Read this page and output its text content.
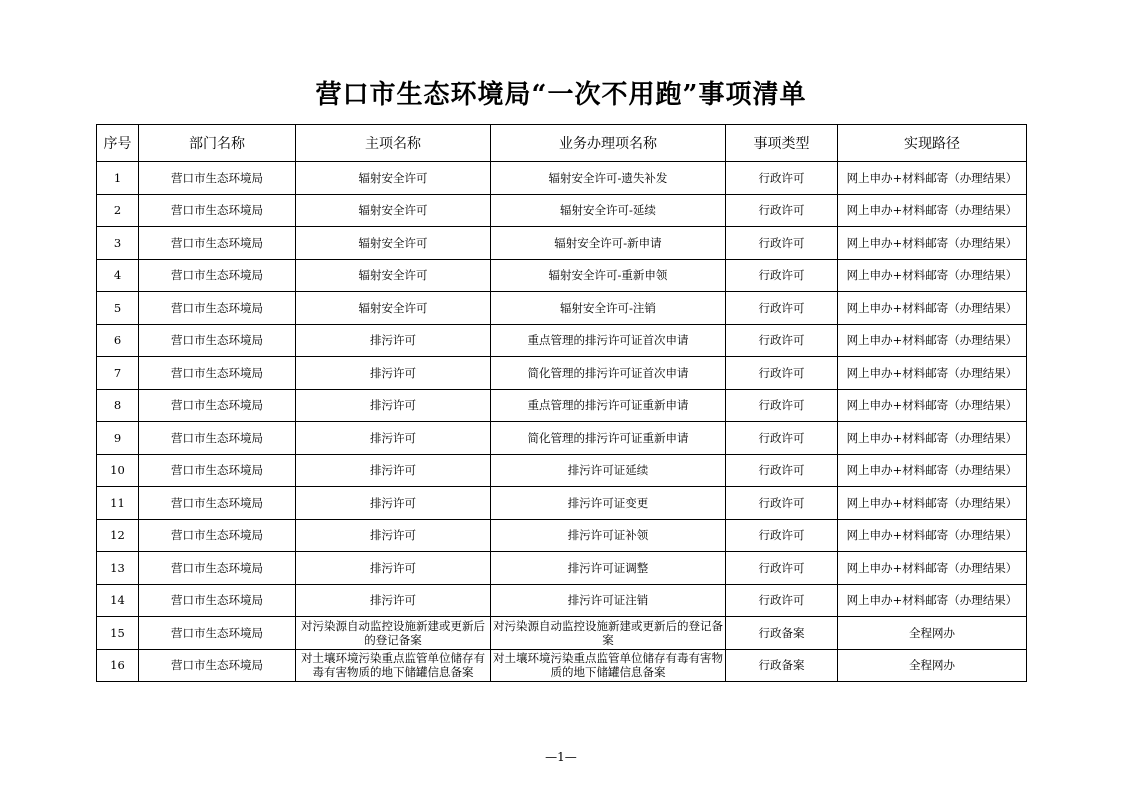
营口市生态环境局“一次不用跑”事项清单
序号	部门名称	主项名称	业务办理项名称	事项类型	实现路径
1	营口市生态环境局	辐射安全许可	辐射安全许可-遗失补发	行政许可	网上申办+材料邮寄（办理结果）
2	营口市生态环境局	辐射安全许可	辐射安全许可-延续	行政许可	网上申办+材料邮寄（办理结果）
3	营口市生态环境局	辐射安全许可	辐射安全许可-新申请	行政许可	网上申办+材料邮寄（办理结果）
4	营口市生态环境局	辐射安全许可	辐射安全许可-重新申领	行政许可	网上申办+材料邮寄（办理结果）
5	营口市生态环境局	辐射安全许可	辐射安全许可-注销	行政许可	网上申办+材料邮寄（办理结果）
6	营口市生态环境局	排污许可	重点管理的排污许可证首次申请	行政许可	网上申办+材料邮寄（办理结果）
7	营口市生态环境局	排污许可	简化管理的排污许可证首次申请	行政许可	网上申办+材料邮寄（办理结果）
8	营口市生态环境局	排污许可	重点管理的排污许可证重新申请	行政许可	网上申办+材料邮寄（办理结果）
9	营口市生态环境局	排污许可	简化管理的排污许可证重新申请	行政许可	网上申办+材料邮寄（办理结果）
10	营口市生态环境局	排污许可	排污许可证延续	行政许可	网上申办+材料邮寄（办理结果）
11	营口市生态环境局	排污许可	排污许可证变更	行政许可	网上申办+材料邮寄（办理结果）
12	营口市生态环境局	排污许可	排污许可证补领	行政许可	网上申办+材料邮寄（办理结果）
13	营口市生态环境局	排污许可	排污许可证调整	行政许可	网上申办+材料邮寄（办理结果）
14	营口市生态环境局	排污许可	排污许可证注销	行政许可	网上申办+材料邮寄（办理结果）
15	营口市生态环境局	对污染源自动监控设施新建或更新后的登记备案	对污染源自动监控设施新建或更新后的登记备案	行政备案	全程网办
16	营口市生态环境局	对土壤环境污染重点监管单位储存有毒有害物质的地下储罐信息备案	对土壤环境污染重点监管单位储存有毒有害物质的地下储罐信息备案	行政备案	全程网办
—1—
